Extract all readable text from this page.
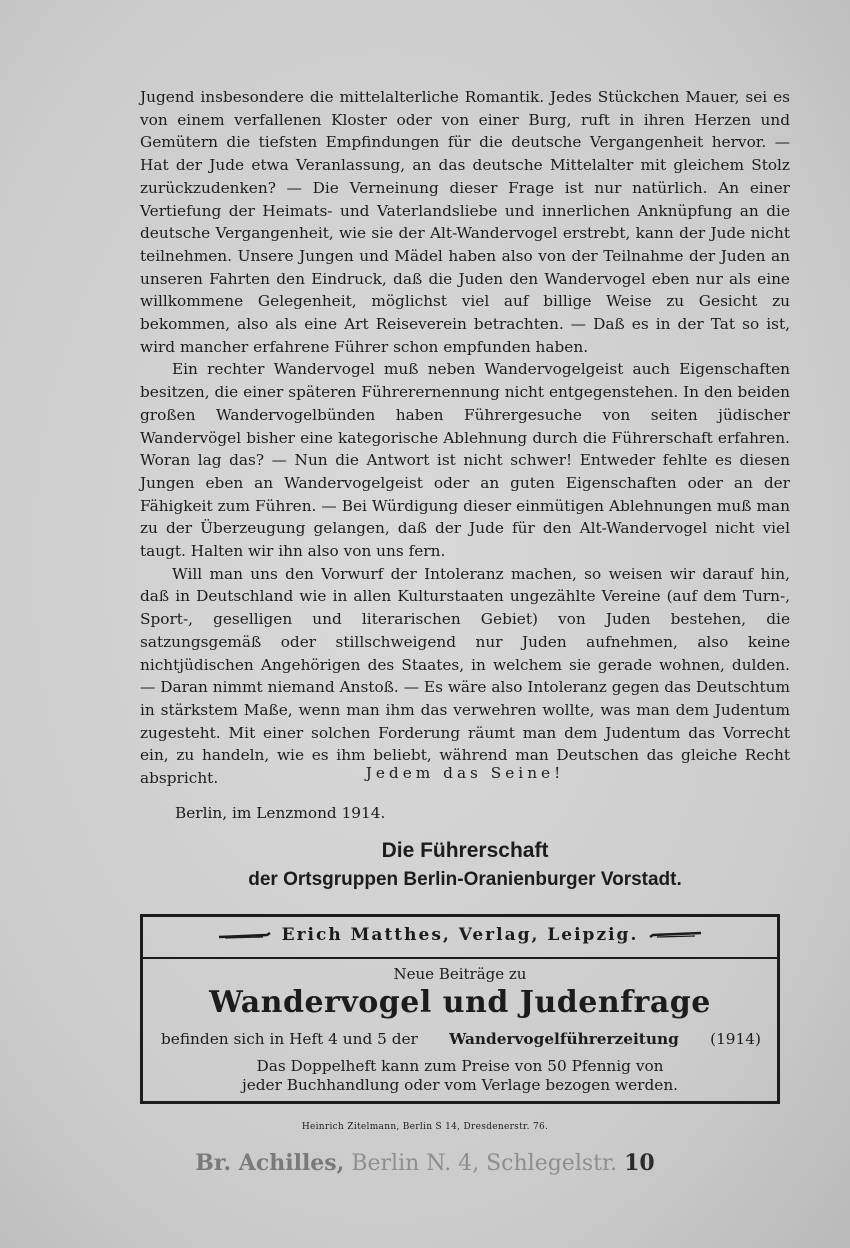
Jugend insbesondere die mittelalterliche Romantik. Jedes Stückchen Mauer, sei es von einem verfallenen Kloster oder von einer Burg, ruft in ihren Herzen und Gemütern die tiefsten Empfindungen für die deutsche Vergangenheit hervor. — Hat der Jude etwa Veranlassung, an das deutsche Mittelalter mit gleichem Stolz zurückzudenken? — Die Verneinung dieser Frage ist nur natürlich. An einer Vertiefung der Heimats- und Vaterlandsliebe und innerlichen Anknüpfung an die deutsche Vergangenheit, wie sie der Alt-Wandervogel erstrebt, kann der Jude nicht teilnehmen. Unsere Jungen und Mädel haben also von der Teilnahme der Juden an unseren Fahrten den Eindruck, daß die Juden den Wandervogel eben nur als eine willkommene Gelegenheit, möglichst viel auf billige Weise zu Gesicht zu bekommen, also als eine Art Reiseverein betrachten. — Daß es in der Tat so ist, wird mancher erfahrene Führer schon empfunden haben.

Ein rechter Wandervogel muß neben Wandervogelgeist auch Eigenschaften besitzen, die einer späteren Führerernennung nicht entgegenstehen. In den beiden großen Wandervogelbünden haben Führergesuche von seiten jüdischer Wandervögel bisher eine kategorische Ablehnung durch die Führerschaft erfahren. Woran lag das? — Nun die Antwort ist nicht schwer! Entweder fehlte es diesen Jungen eben an Wandervogelgeist oder an guten Eigenschaften oder an der Fähigkeit zum Führen. — Bei Würdigung dieser einmütigen Ablehnungen muß man zu der Überzeugung gelangen, daß der Jude für den Alt-Wandervogel nicht viel taugt. Halten wir ihn also von uns fern.

Will man uns den Vorwurf der Intoleranz machen, so weisen wir darauf hin, daß in Deutschland wie in allen Kulturstaaten ungezählte Vereine (auf dem Turn-, Sport-, geselligen und literarischen Gebiet) von Juden bestehen, die satzungsgemäß oder stillschweigend nur Juden aufnehmen, also keine nichtjüdischen Angehörigen des Staates, in welchem sie gerade wohnen, dulden. — Daran nimmt niemand Anstoß. — Es wäre also Intoleranz gegen das Deutschtum in stärkstem Maße, wenn man ihm das verwehren wollte, was man dem Judentum zugesteht. Mit einer solchen Forderung räumt man dem Judentum das Vorrecht ein, zu handeln, wie es ihm beliebt, während man Deutschen das gleiche Recht abspricht.	Jedem das Seine!
Berlin, im Lenzmond 1914.
Die Führerschaft
der Ortsgruppen Berlin-Oranienburger Vorstadt.
Erich Matthes, Verlag, Leipzig.
Neue Beiträge zu
Wandervogel und Judenfrage
befinden sich in Heft 4 und 5 der Wandervogelführerzeitung (1914)
Das Doppelheft kann zum Preise von 50 Pfennig von
jeder Buchhandlung oder vom Verlage bezogen werden.
Heinrich Zitelmann, Berlin S 14, Dresdenerstr. 76.
Br. Achilles, Berlin N. 4, Schlegelstr. 10
